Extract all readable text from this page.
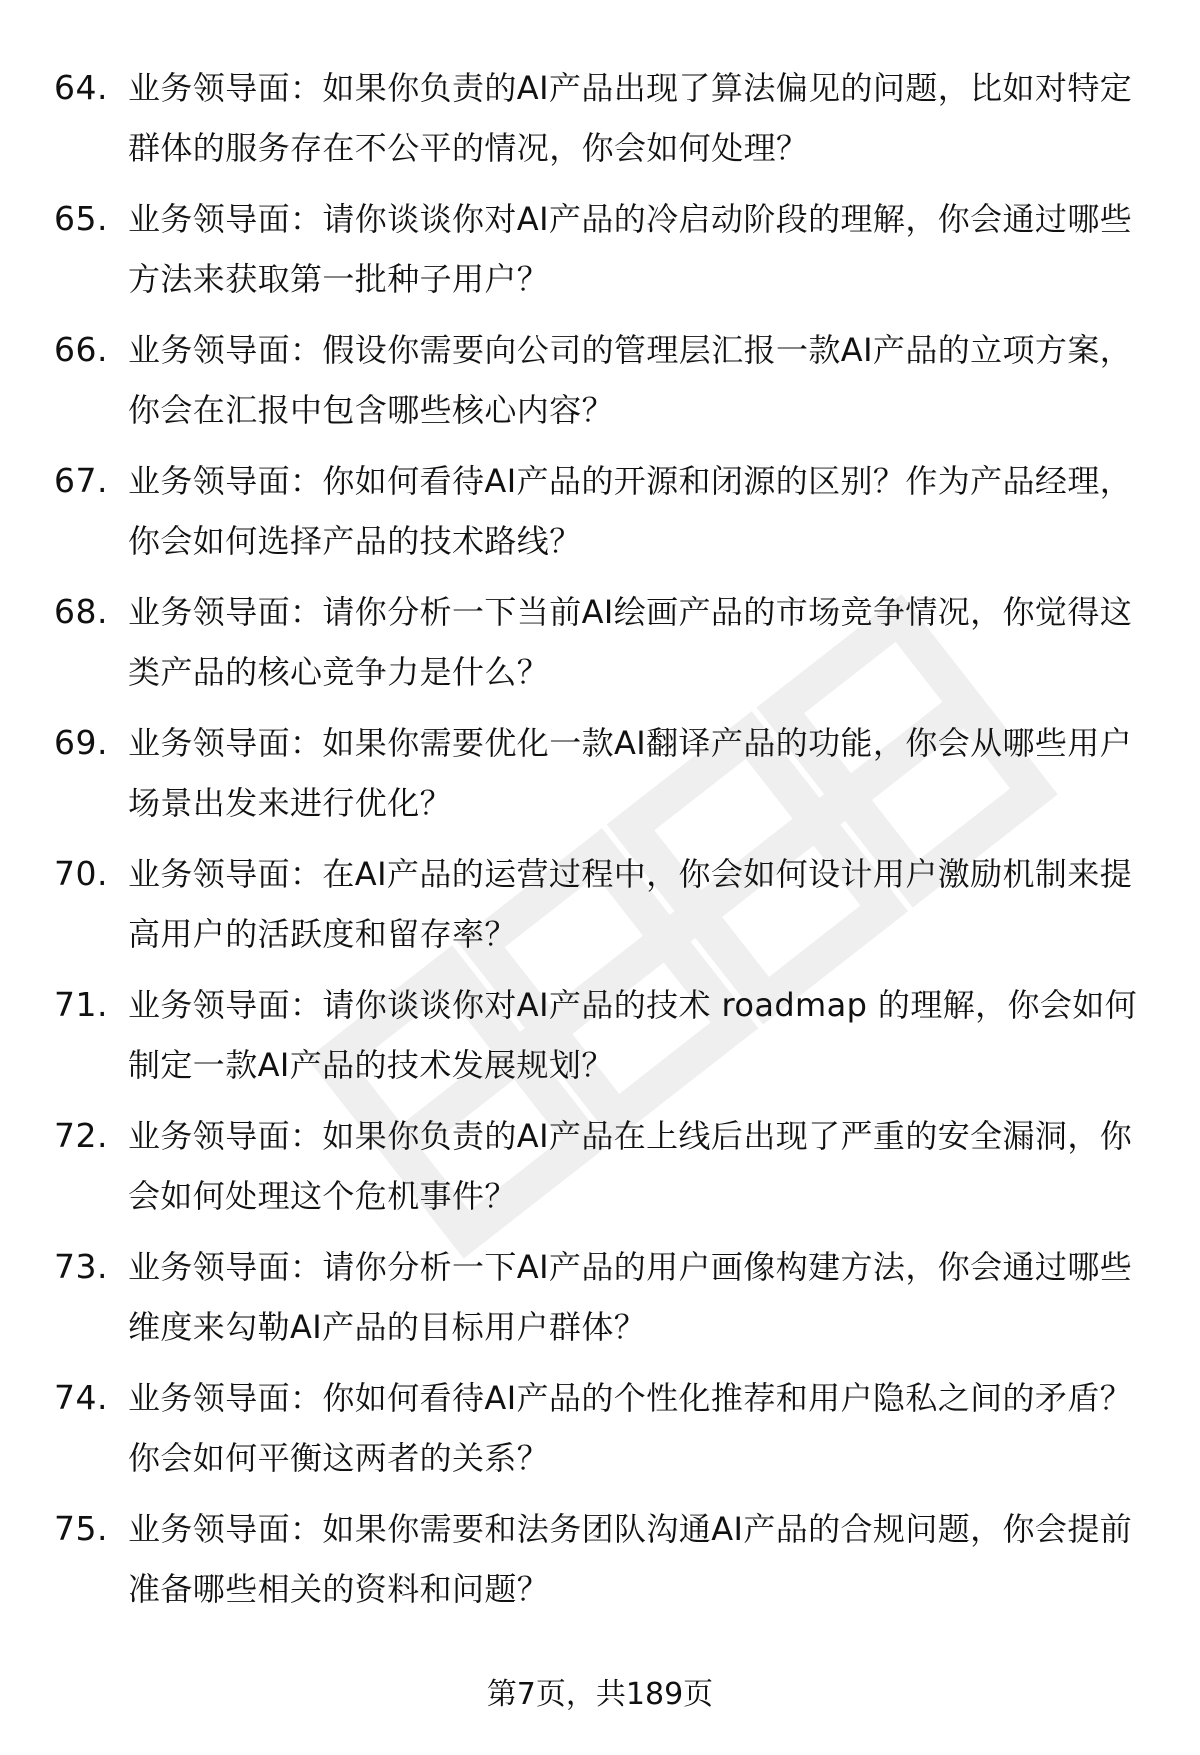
64. 业务领导面：如果你负责的AI产品出现了算法偏见的问题，比如对特定群体的服务存在不公平的情况，你会如何处理？
65. 业务领导面：请你谈谈你对AI产品的冷启动阶段的理解，你会通过哪些方法来获取第一批种子用户？
66. 业务领导面：假设你需要向公司的管理层汇报一款AI产品的立项方案，你会在汇报中包含哪些核心内容？
67. 业务领导面：你如何看待AI产品的开源和闭源的区别？作为产品经理，你会如何选择产品的技术路线？
68. 业务领导面：请你分析一下当前AI绘画产品的市场竞争情况，你觉得这类产品的核心竞争力是什么？
69. 业务领导面：如果你需要优化一款AI翻译产品的功能，你会从哪些用户场景出发来进行优化？
70. 业务领导面：在AI产品的运营过程中，你会如何设计用户激励机制来提高用户的活跃度和留存率？
71. 业务领导面：请你谈谈你对AI产品的技术 roadmap 的理解，你会如何制定一款AI产品的技术发展规划？
72. 业务领导面：如果你负责的AI产品在上线后出现了严重的安全漏洞，你会如何处理这个危机事件？
73. 业务领导面：请你分析一下AI产品的用户画像构建方法，你会通过哪些维度来勾勒AI产品的目标用户群体？
74. 业务领导面：你如何看待AI产品的个性化推荐和用户隐私之间的矛盾？你会如何平衡这两者的关系？
75. 业务领导面：如果你需要和法务团队沟通AI产品的合规问题，你会提前准备哪些相关的资料和问题？
第7页，共189页
